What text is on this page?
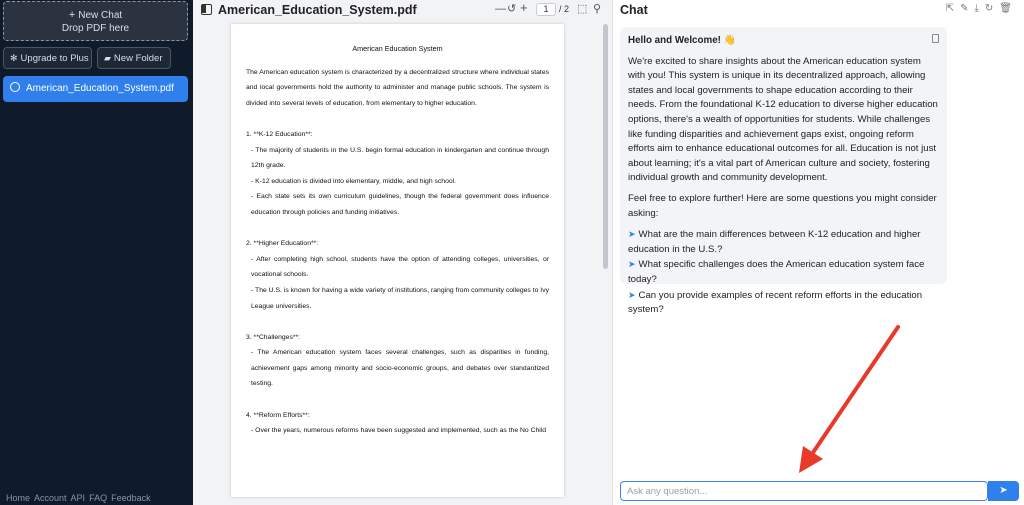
+ New Chat
Drop PDF here
✻ Upgrade to Plus	▰ New Folder
American_Education_System.pdf
Home Account API FAQ Feedback
American_Education_System.pdf	— ↺ +	1	/ 2 ⬚ ⚲
American Education System

The American education system is characterized by a decentralized structure where individual states and local governments hold the authority to administer and manage public schools. The system is divided into several levels of education, from elementary to higher education.

1. **K-12 Education**:

- The majority of students in the U.S. begin formal education in kindergarten and continue through 12th grade.

- K-12 education is divided into elementary, middle, and high school.

- Each state sets its own curriculum guidelines, though the federal government does influence education through policies and funding initiatives.

2. **Higher Education**:

- After completing high school, students have the option of attending colleges, universities, or vocational schools.

- The U.S. is known for having a wide variety of institutions, ranging from community colleges to Ivy League universities.

3. **Challenges**:

- The American education system faces several challenges, such as disparities in funding, achievement gaps among minority and socio-economic groups, and debates over standardized testing.

4. **Reform Efforts**:

- Over the years, numerous reforms have been suggested and implemented, such as the No Child

Chat	⇱ ✎ ⤓ ↻ 🗑
Hello and Welcome! 👋

We're excited to share insights about the American education system with you! This system is unique in its decentralized approach, allowing states and local governments to shape education according to their needs. From the foundational K-12 education to diverse higher education options, there's a wealth of opportunities for students. While challenges like funding disparities and achievement gaps exist, ongoing reform efforts aim to enhance educational outcomes for all. Education is not just about learning; it's a vital part of American culture and society, fostering individual growth and community development.

Feel free to explore further! Here are some questions you might consider asking:

➤ What are the main differences between K-12 education and higher education in the U.S.?
➤ What specific challenges does the American education system face today?
➤ Can you provide examples of recent reform efforts in the education system?
Ask any question...
➤
